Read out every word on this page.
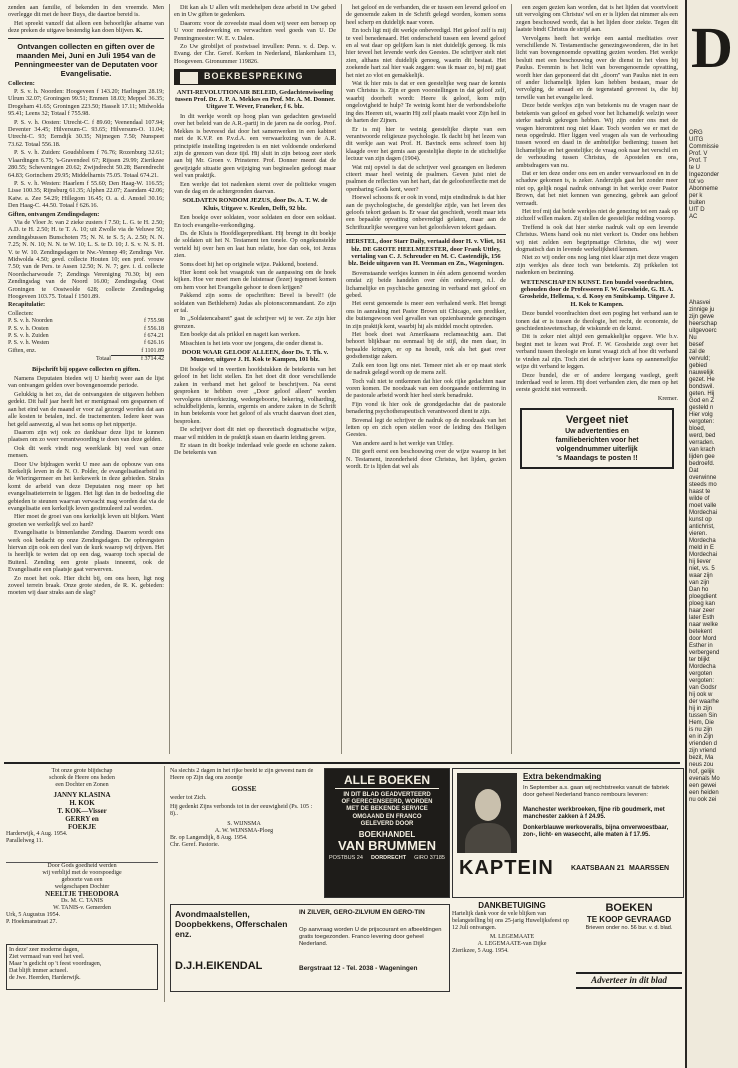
zenden aan familie, of bekenden in den vreemde. Men overlegge dit met de heer Buys, die daartoe bereid is.

Het spreekt vanzelf dat alleen een behoorlijke afname van deze preken de uitgave bestendig kan doen blijven. K.

Ontvangen collecten en giften over de maanden Mei, Juni en Juli 1954 van de Penningmeester van de Deputaten voor Evangelisatie.

Collecten:

P. S. v. h. Noorden: Hoogeveen f 143.20; Harlingen 28.19; Ulrum 32.07; Groningen 99.51; Emmen 18.03; Meppel 36.35; Drogeham 41.65; Groningen 223.50; Hasselt 17.11; Midwolda 95.41; Leens 32; Totaal f 755.98.

P. S. v. h. Oosten: Utrecht-C. f 89.60; Veenendaal 107.94; Deventer 34.45; Hilversum-C. 93.65; Hilversum-O. 11.04; Utrecht-C. 93; Eemdijk 30.35; Nijmegen 7.50; Nunspeet 73.62. Totaal 556.18.

P. S. v. h. Zuiden: Goudsbloem f 76.76; Rozenburg 32.61; Vlaardingen 6.75; 's-Gravendeel 67; Rijssen 29.99; Zierikzee 280.55; Scheveningen 20.62; Zwijndrecht 50.28; Barendrecht 64.83; Gorinchem 29.95; Middelharnis 75.05. Totaal 674.21.

P. S. v. h. Westen: Haarlem f 55.60; Den Haag-W. 116.55; Lisse 100.35; Rijnsburg 61.35; Alphen 22.07; Zaandam 42.06; Katw. a. Zee 54.29; Hillegom 16.45; O. a. d. Amstel 30.16; Den Haag-C. 44.50. Totaal f 626.16.

Giften, ontvangen Zendingsdagen:

Via de Vloer Jr. van 2 zieke zusters f 7.50; L. G. te H. 2.50; A.D. te H. 2.50; H. te T. A. 10; uit Zwolle via de Veluwe 50; zendingsbussen Bunschoten 75; N. N. te S. 5; A. 2.50; N. N. 7.25; N. N. 10; N. N. te W. 10; L. S. te D. 10; J. S. v. N. S. H. V. te W. 10. Zendingsdagen te Nw.-Vennep 49; Zendings Ver. Midwolda 4.50; gevd. collecte Houten 10; een prof. vrouw 7.50; van de Pers. te Assen 12.50; N. N. 7; gev. i. d. collecte Noordscharwoude 7; Zendings Vereniging 70.30; bij een Zendingsdag van de Noord 16.00; Zendingsdag Oost Groningen te Oostwolde 628; collecte Zendingsdag Hoogeveen 103.75. Totaal f 1501.89.

Recapitulatie:

Collecten:

P. S. v. h. Noorden	f 755.98
P. S. v. h. Oosten	f 556.18
P. S. v. h. Zuiden	f 674.21
P. S. v. h. Westen	f 626.16
Giften, enz.	f 1101.89
Totaal	f 3714.42
Bijschrift bij opgave collecten en giften.

Namens Deputaten bieden wij U hierbij weer aan de lijst van ontvangen gelden over bovengenoemde periode.

Gelukkig is het zo, dat de ontvangsten de uitgaven hebben gedekt. Dit half jaar heeft het er menigmaal om gespannen of aan het eind van de maand er voor zal gezorgd worden dat aan alle kosten te betalen, incl. de tractementen. Iedere keer was het geld aanwezig, al was het soms op het nippertje.

Daarom zijn wij ook zo dankbaar deze lijst te kunnen plaatsen om zo weer verantwoording te doen van deze gelden.

Ook dit werk vindt nog weerklank bij veel van onze mensen.

Door Uw bijdragen werkt U mee aan de opbouw van ons Kerkelijk leven in de N. O. Polder, de evangelisatiearbeid in de Wieringermeer en het kerkewerk in deze gebieden. Straks komt de arbeid van deze Deputaten nog meer op het evangelisatieterrein te liggen. Het ligt dan in de bedoeling die gebieden te steunen waarvan verwacht mag worden dat via de evangelisatie een kerkelijk leven gestimuleerd zal worden.

Hier moet de groei van ons kerkelijk leven uit blijken. Want groeien we werkelijk wel zo hard?

Evangelisatie is binnenlandse Zending. Daarom wordt ons werk ook bedacht op onze Zendingsdagen. De opbrengsten hiervan zijn ook een deel van de kurk waarop wij drijven. Het is heerlijk te weten dat op een dag, waarop toch special de Buitenl. Zending een grote plaats inneemt, ook de Evangelisatie een plaatsje gaat verwerven.

Zo moet het ook. Hier dicht bij, om ons heen, ligt nog zoveel terrein braak. Onze grote steden, de R. K. gebieden: moeten wij daar straks aan de slag?

Dit kan als U allen wilt medehelpen deze arbeid in Uw gebed en in Uw giften te gedenken.

Daarom: voor de zoveelste maal doen wij weer een beroep op U voor medewerking en verwachten veel goeds van U. De Penningmeester: W. E. v. Dalen.

Zo Uw girobiljet of postwissel invullen: Penn. v. d. Dep. v. Evang. der Chr. Geref. Kerken in Nederland, Blankenham 13, Hoogeveen. Gironummer 119826.

BOEKBESPREKING
ANTI-REVOLUTIONAIR BELEID, Gedachtenwisseling tussen Prof. Dr. J. P. A. Mekkes en Prof. Mr. A. M. Donner. Uitgave T. Wever, Franeker, f 6. blz.

In dit werkje wordt op hoog plan van gedachten gewisseld over het beleid van de A.R.-partij in de jaren na de oorlog. Prof. Mekkes is bevreesd dat door het samenwerken in een kabinet met de K.V.P. en P.v.d.A. een verwaarlozing van de A.R. principiële instelling ingetreden is en niet voldoende onderkend zijn de grenzen van deze tijd. Hij sluit in zijn betoog zeer sterk aan bij Mr. Groen v. Prinsterer. Prof. Donner meent dat de gewijzigde situatie geen wijziging van beginselen gedoogt maar wel van praktijk.

Een werkje dat tot nadenken stemt over de politieke vragen van de dag en de achtergronden daarvan.

SOLDATEN RONDOM JEZUS, door Ds. A. T. W. de Kluis, Uitgave v. Keulen, Delft, 92 blz.

Een boekje over soldaten, voor soldaten en door een soldaat. En toch evangelie-verkondiging.

Ds. de Kluis is Hoofdlegerpredikant. Hij brengt in dit boekje de soldaten uit het N. Testament ten tonele. Op ongekunstelde verteld hij over hen en laat hun relatie, hoe dan ook, tot Jezus zien.

Soms doet hij het op originele wijze. Pakkend, boeiend.

Hier komt ook het vraagstuk van de aanpassing om de hoek kijken. Hoe ver moet men de luisteraar (lezer) tegemoet komen om hem voor het Evangelie gehoor te doen krijgen?

Pakkend zijn soms de opschriften: Bevel is bevel!! (de soldaten van Bethlehem) Judas als plotonscommandant. Zo zijn er tal.

In ,,Soldatencabaret'' gaat de schrijver wij te ver. Ze zijn hier grenzen.

Een boekje dat als prikkel en nageit kan werken.

Misschien is het iets voor uw jongens, die onder dienst is.

DOOR WAAR GELOOF ALLEEN, door Ds. T. Th. v. Munster, uitgave J. H. Kok te Kampen, 101 blz.

Dit boekje wil in veertien hoofdstukken de betekenis van het geloof in het licht stellen. En het doet dit door verschillende zaken in verband met het geloof te beschrijven. Na eerst gesproken te hebben over ,,Door geloof alleen'' worden vervolgens uitverkiezing, wedergeboorte, bekering, volharding, schuldbelijdenis, kennis, ergernis en andere zaken in de Schrift in hun betekenis voor het geloof of als vrucht daarvan doet zien, besproken.

De schrijver doet dit niet op theoretisch dogmatische wijze, maar wil midden in de praktijk staan en daarin leiding geven.

Er staan in dit boekje inderdaad vele goede en schone zaken. De betekenis van

het geloof en de verbanden, die er tussen een levend geloof en de genoemde zaken in de Schrift gelegd worden, komen soms heel scherp en duidelijk naar voren.

En toch ligt mij dit werkje onbevredigd. Het geloof zelf is mij te veel benedenaard. Het onderscheid tussen een levend geloof en al wat daar op gelijken kan is niet duidelijk genoeg. Ik mis hier teveel het levende werk des Geestes. De schrijver stelt niet zien, althans niet duidelijk genoeg, waarin dit bestaat. Het zoekende hart zal hier vaak zeggen: was ik maar zo, bij mij gaat het niet zo vlot en gemakkelijk.

Wat ik hier mis is dat er een geestelijke weg naar de kennis van Christus is. Zijn er geen voorstellingen in dat geloof zelf, waarbij doorheft wordt: Heere ik geloof, kom mijn ongelovigheid te hulp? Te weinig komt hier de verbondsbelofte ing des Heeren uit, waarin Hij zelf plaats maakt voor Zijn heil in de harten der Zijnen.

Er is mij hier te weinig geestelijke diepte van een verantwoorde religieuze psychologie. Ik dacht bij het lezen van dit werkje aan wat Prof. H. Bavinck eens schreef toen hij klaagde over het gemis aan geestelijke diepte in de stichtelijke lectuur van zijn dagen (1904).

Wat mij opviel is dat de schrijver veel gezangen en liederen citeert maar heel weinig de psalmen. Geven juist niet de psalmen de reflecties van het hart, dat de geloofsreflectie met de openbaring Gods kent, weer?

Hoewel schoons ik er ook in vond, mijn eindindruk is dat hier aan de psychologische, de geestelijke zijde, van het leven des geloofs tekort gedaan is. Er waar dat geschiedt, wordt maar iets een bepaalde opvatting onbevredigd gelaten, maar aan de Schriftuurlijke weergave van het geloofsleven tekort gedaan.

HERSTEL, door Starr Daily, vertaald door H. v. Vliet, 161 blz. DE GROTE HEELMEESTER, door Frank Uttley, vertaling van C. J. Schreuder en M. C. Castendijk, 156 blz. Beide uitgaven van H. Veenman en Zn., Wageningen.

Bovenstaande werkjes kunnen in één adem genoemd worden omdat zij beide handelen over één onderwerp, n.l. de lichamelijke en psychische genezing in verband met geloof en gebed.

Het eerst genoemde is meer een verhalend werk. Het brengt ons in aanraking met Pastor Brown uit Chicago, een prediker, die buitengewoon veel gevallen van opzienbarende genezingen in zijn praktijk kent, waarbij hij als middel mocht optreden.

Het boek doet wat Amerikaans reclameachtig aan. Dat behoort blijkbaar nu eenmaal bij de stijl, die men daar, in bepaalde kringen, er op na houdt, ook als het gaat over godsdienstige zaken.

Zulk een toon ligt ons niet. Temeer niet als er op maat sterk de nadruk gelegd wordt op de mens zelf.

Toch valt niet te ontkennen dat hier ook rijke gedachten naar voren komen. De noodzaak van een doorgaande ontferming in de pastorale arbeid wordt hier heel sterk benadrukt.

Fijn vond ik hier ook de grondgedachte dat de pastorale benadering psychotherapeutisch verantwoord dient te zijn.

Bovenal legt de schrijver de nadruk op de noodzaak van het letten op en zich open stellen voor de leiding des Heiligen Geestes.

Van andere aard is het werkje van Uttley.

Dit geeft eerst een beschouwing over de wijze waarop in het N. Testament, inzonderheid door Christus, het lijden, gezien wordt. Er is lijden dat wel als

een zegen gezien kan worden, dat is het lijden dat voortvloeit uit vervolging om Christus' wil en er is lijden dat nimmer als een zegen beschouwd wordt, dat is het lijden door ziekte. Tegen dit laatste bindt Christus de strijd aan.

Vervolgens heeft het werkje een aantal meditaties over verschillende N. Testamentische genezingswonderen, die in het licht van bovengenoemde opvatting gezien worden. Het werkje besluit met een beschouwing over de dienst in het vlees bij Paulus. Evenmin is het licht van bovengenoemde opvatting, wordt hier dan geponeerd dat dit ,,doorn'' van Paulus niet in een of ander lichamelijk lijden kan hebben bestaan, maar de vervolging, de smaad en de tegenstand gevreest is, die hij terwille van het evangelie leed.

Deze beide werkjes zijn van betekenis nu de vragen naar de betekenis van geloof en gebed voor het lichamelijk welzijn weer sterke nadruk gekregen hebben. Wij zijn onder ons met de vragen hieromtrent nog niet klaar. Toch worden we er met de neus opgedrukt. Hier liggen veel vragen als van de verhouding tussen woord en daad in de ambtelijke bediening; tussen het lichamelijke en het geestelijke; de vraag ook naar het verschil en de verhouding tussen Christus, de Apostelen en ons, ambtsdragers van nu.

Dat er ten deze onder ons een en ander verwaarloosd en in de schaduw gekomen is, is zeker. Anderzijds gaat het zonder meer niet op, gelijk nogal nadruk ontvangt in het werkje over Pastor Brown, dat het niet kennen van genezing, gebrek aan geloof verraadt.

Het trof mij dat beide werkjes niet de genezing tot een zaak op zichzelf willen maken. Zij stellen de geestelijke redding voorop.

Treffend is ook dat hier sterke nadruk valt op een levende Christus. Wiens hand ook nu niet verkort is. Onder ons hebben wij niet zelden een begripmatige Christus, die wij weer dogmatisch dan in levende werkelijkheid kennen.

Niet zo wij onder ons nog lang niet klaar zijn met deze vragen zijn werkjes als deze toch van betekenis. Zij prikkelen tot nadenken en bezinning.

WETENSCHAP EN KUNST. Een bundel voordrachten, gehouden door de Professoren F. W. Grosheide, G. H. A. Grosheide, Hellema, v. d. Kooy en Smitskamp. Uitgave J. H. Kok te Kampen.

Deze bundel voordrachten doet een poging het verband aan te tonen dat er is tussen de theologie, het recht, de economie, de geschiedeniswetenschap, de wiskunde en de kunst.

Dit is zeker niet altijd een gemakkelijke opgave. Wie b.v. begint met te lezen wat Prof. F. W. Grosheide zegt over het verband tussen theologie en kunst vraagt zich af hoe dit verband te vinden zal zijn. Toch ziet de schrijver kans op aannemelijke wijze dit verband te leggen.

Deze bundel, die er of andere leergang vastlegt, geeft inderdaad veel te leren. Hij doet verbanden zien, die men op het eerste gezicht niet vermoedt.

Kremer.

Vergeet niet
Uw advertenties en
familieberichten voor het
volgendnummer uiterlijk
's Maandags te posten !!
Tot onze grote blijdschap
schonk de Heere ons heden
een Dochter en Zonen
JANNY KLASINA
H. KOK
T. KOK—Visser
GERRY en
FOEKJE
Harderwijk, 4 Aug. 1954.
Parallelweg 11.
Door Gods goedheid werden
wij verblijd met de voorspoedige
geboorte van een
welgeschapen Dochter
NEELTJE THEODORA
Ds. M. C. TANIS
W. TANIS-v. Gemerden
Urk, 5 Augustus 1954.
P. Hoekmanstraat 27.
In deze' zeer moderne dagen,
Ziet vermaad van veel het veel.
Maar 'n gedicht op 't feest voordragen,
Dat blijft immer actueel.
de Jwe. Heerden, Harderwijk.
Na slechts 2 dagen in het rijke beeld te zijn geweest nam de Heere op Zijn dag ons zoontje
GOSSE
weder tot Zich.
Hij gedenkt Zijns verbonds tot in der eeuwigheid (Ps. 105 : 8)..
S. WIJNSMA
A. W. WIJNSMA-Ploeg
Br. op Langendijk, 8 Aug. 1954.
Chr. Geref. Pastorie.
ALLE BOEKEN
IN DIT BLAD GEADVERTEERD
OF GERECENSEERD, WORDEN
MET DE BEKENDE SERVICE
OMGAAND EN FRANCO
GELEVERD DOOR
BOEKHANDEL
VAN BRUMMEN
POSTBUS 24 DORDRECHT GIRO 37185
Extra bekendmaking
In September a.s. gaan wij rechtstreeks vanuit de fabriek door geheel Nederland franco rembours leveren:
Manchester werkbroeken, fijne rib goudmerk, met manchester zakken à f 24.95.
Donkerblauwe werkoveralls, bijna onverwoestbaar, zon-, licht- en waseccht, alle maten à f 17.95.
KAPTEIN KAATSBAAN 21 MAARSSEN
Avondmaalstellen, Doopbekkens, Offerschalen enz.
IN ZILVER, GERO-ZILVIUM EN GERO-TIN
Op aanvraag worden U de prijscourant en afbeeldingen gratis toegezonden. Franco levering door geheel Nederland.
D.J.H.EIKENDAL	Bergstraat 12 - Tel. 2038 - Wageningen
DANKBETUIGING
Hartelijk dank voor de vele blijken van belangstelling bij ons 25-jarig Huwelijksfeest op 12 Juli ontvangen.
M. LEGEMAATE
A. LEGEMAATE-van Dijke
Zierikzee, 5 Aug. 1954.
BOEKEN
TE KOOP GEVRAAGD
Brieven onder no. 56 bur. v. d. blad.
Adverteer in dit blad
D
ORG
UITG
Commissie
Prof. V
Prof. T
te U
Ingezonder
tot vo
Abonneme
per k
buiten
UIT D
AC
Ahasvei
zinnige ju
zijn gewe
heerschap
uitgevoerc
Nu
besef
zal de
vervuld;
gebied
nauwelijk
gezet. He
bondswil.
geten. Hij
God en Z
gesteld n
Hier volg
vergoten:
bloed,
werd, bed
verraden.
van krach
lijden gee
bedroefd.
Dat
overwinne
steeds mo
haast te
wilde of
moet valle
Mordechai
kunst op
antichrist,
vieren.
Mordecha
meld in E
Mordechai
hij liever
niet, vs. 5
waar zijn
van zijn
Dan ho
ploegdient
ploeg kan
haar zeer
later Esth
naar welke
betekent
door Mord
Esther in
verbergend
ter blijkt
Mordecha
vergoten
vergoten:
van Godsr
hij ook w
der waarhe
hij in zijn
tussen Sin
Hem, Die
is nu zijn
en in Zijn
vrienden d
zijn vriend
bezit, Ma
neus zou
hof, gelijk
evenals Mo
een gewei
een heiden
nu ook zei
